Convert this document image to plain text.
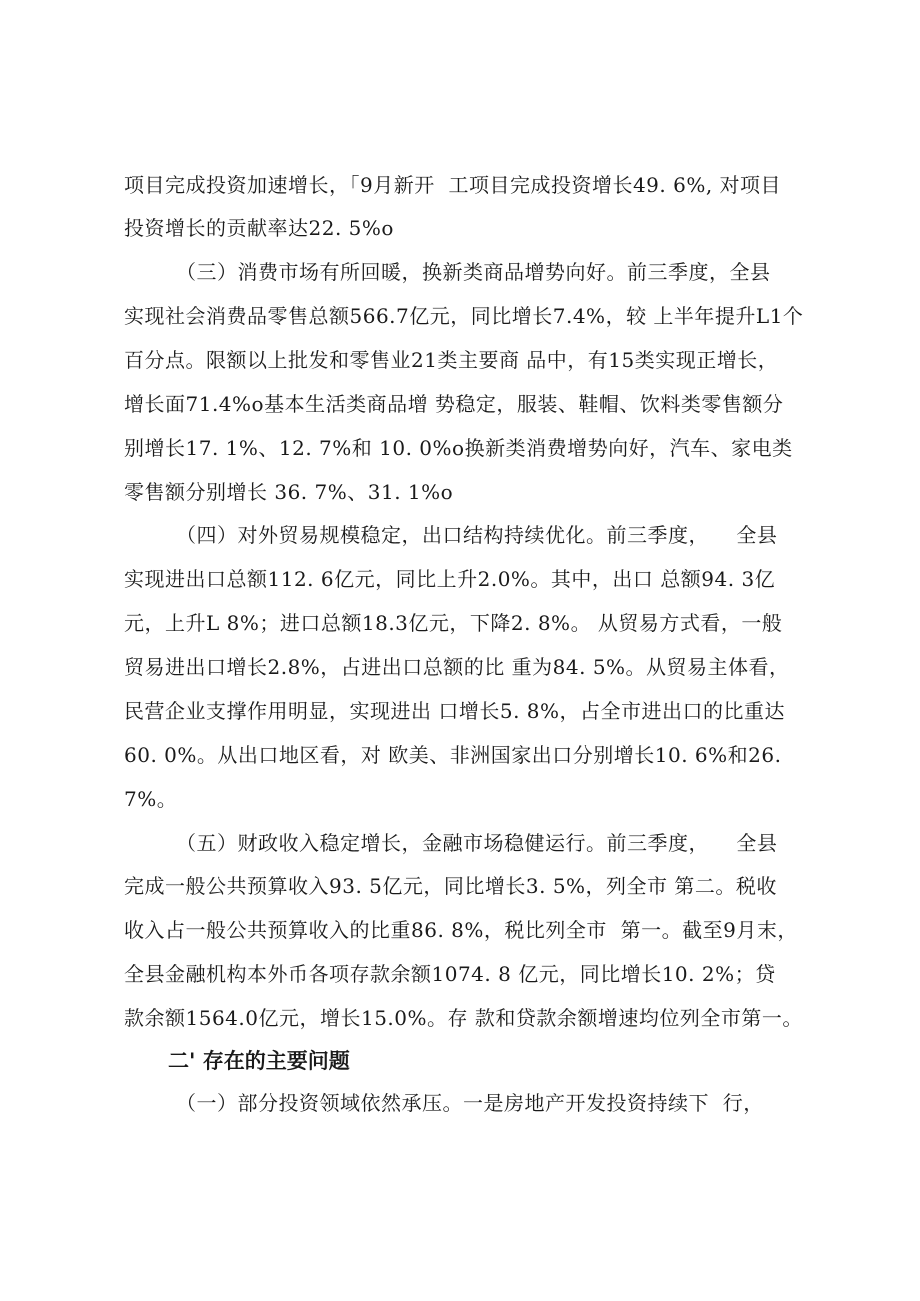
项目完成投资加速增长，「9月新开  工项目完成投资增长49. 6%, 对项目
投资增长的贡献率达22. 5%o
（三）消费市场有所回暖，换新类商品增势向好。前三季度，全县
实现社会消费品零售总额566.7亿元，同比增长7.4%，较 上半年提升L1个
百分点。限额以上批发和零售业21类主要商 品中，有15类实现正增长，
增长面71.4%o基本生活类商品增 势稳定，服装、鞋帽、饮料类零售额分
别增长17. 1%、12. 7%和 10. 0%o换新类消费增势向好，汽车、家电类
零售额分别增长 36. 7%、31. 1%o
（四）对外贸易规模稳定，出口结构持续优化。前三季度，    全县
实现进出口总额112. 6亿元，同比上升2.0%。其中，出口 总额94. 3亿
元，上升L 8%；进口总额18.3亿元，下降2. 8%。 从贸易方式看，一般
贸易进出口增长2.8%，占进出口总额的比 重为84. 5%。从贸易主体看，
民营企业支撑作用明显，实现进出 口增长5. 8%，占全市进出口的比重达
60. 0%。从出口地区看，对 欧美、非洲国家出口分别增长10. 6%和26.
7%。
（五）财政收入稳定增长，金融市场稳健运行。前三季度，    全县
完成一般公共预算收入93. 5亿元，同比增长3. 5%，列全市 第二。税收
收入占一般公共预算收入的比重86. 8%，税比列全市  第一。截至9月末，
全县金融机构本外币各项存款余额1074. 8 亿元，同比增长10. 2%；贷
款余额1564.0亿元，增长15.0%。存 款和贷款余额增速均位列全市第一。
二' 存在的主要问题
（一）部分投资领域依然承压。一是房地产开发投资持续下  行，
